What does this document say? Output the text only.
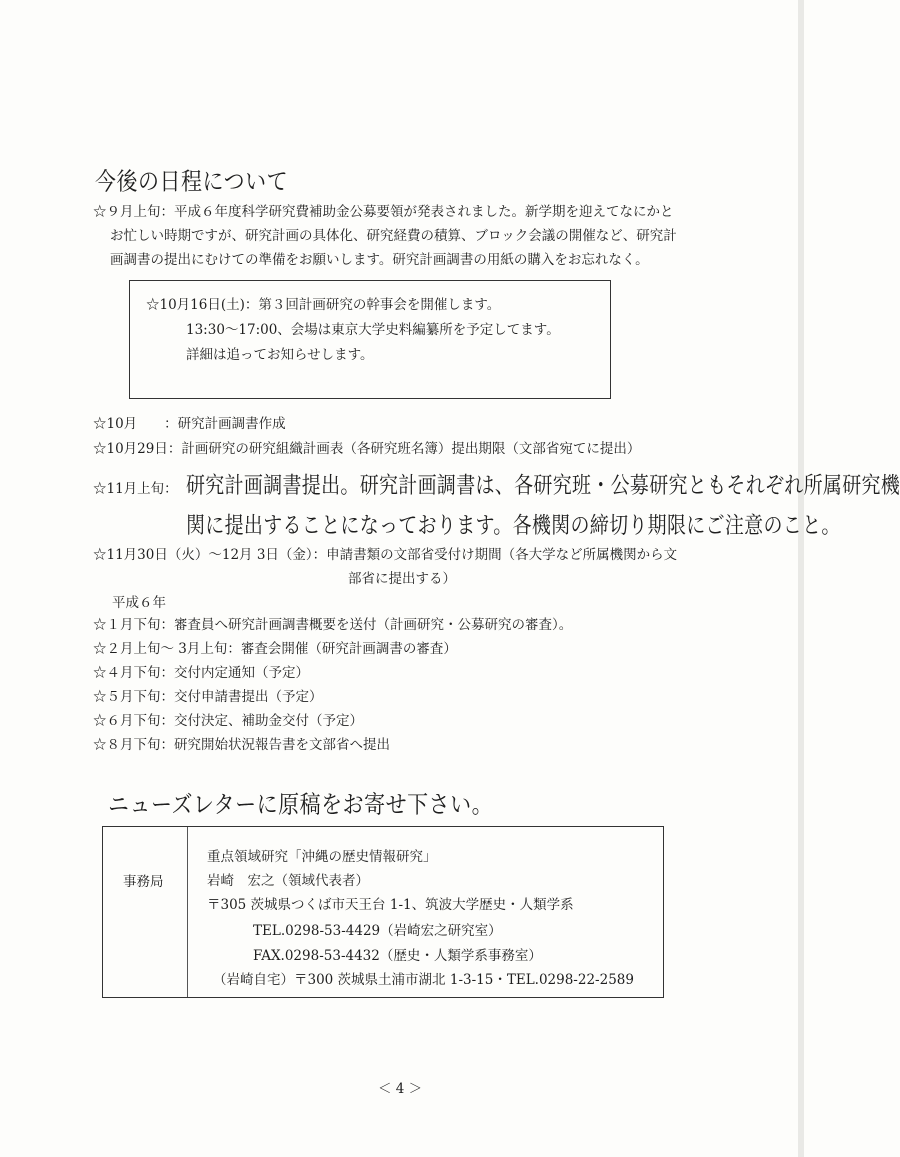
今後の日程について
☆９月上旬：平成６年度科学研究費補助金公募要領が発表されました。新学期を迎えてなにかと
お忙しい時期ですが、研究計画の具体化、研究経費の積算、ブロック会議の開催など、研究計
画調書の提出にむけての準備をお願いします。研究計画調書の用紙の購入をお忘れなく。
☆10月16日(土)：第３回計画研究の幹事会を開催します。
13:30〜17:00、会場は東京大学史料編纂所を予定してます。
詳細は追ってお知らせします。
☆10月　　：研究計画調書作成
☆10月29日：計画研究の研究組織計画表（各研究班名簿）提出期限（文部省宛てに提出）
☆11月上旬： 研究計画調書提出。研究計画調書は、各研究班・公募研究ともそれぞれ所属研究機
関に提出することになっております。各機関の締切り期限にご注意のこと。
☆11月30日（火）〜12月 3日（金）：申請書類の文部省受付け期間（各大学など所属機関から文
部省に提出する）
平成６年
☆１月下旬：審査員へ研究計画調書概要を送付（計画研究・公募研究の審査）。
☆２月上旬〜 3月上旬：審査会開催（研究計画調書の審査）
☆４月下旬：交付内定通知（予定）
☆５月下旬：交付申請書提出（予定）
☆６月下旬：交付決定、補助金交付（予定）
☆８月下旬：研究開始状況報告書を文部省へ提出
ニューズレターに原稿をお寄せ下さい。
事務局
重点領域研究「沖縄の歴史情報研究」
岩崎　宏之（領域代表者）
〒305 茨城県つくば市天王台 1-1、筑波大学歴史・人類学系
TEL.0298-53-4429（岩崎宏之研究室）
FAX.0298-53-4432（歴史・人類学系事務室）
（岩崎自宅）〒300 茨城県土浦市湖北 1-3-15・TEL.0298-22-2589
＜ 4 ＞
